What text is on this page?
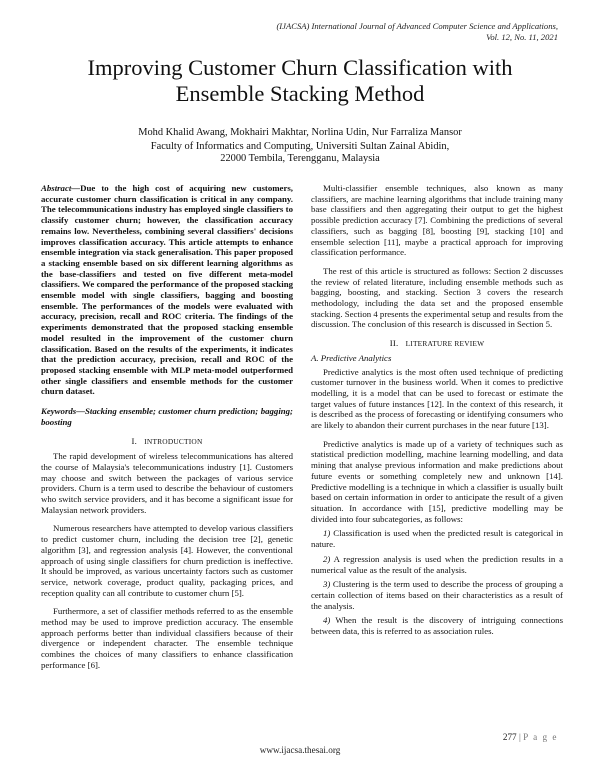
(IJACSA) International Journal of Advanced Computer Science and Applications,
Vol. 12, No. 11, 2021
Improving Customer Churn Classification with
Ensemble Stacking Method
Mohd Khalid Awang, Mokhairi Makhtar, Norlina Udin, Nur Farraliza Mansor
Faculty of Informatics and Computing, Universiti Sultan Zainal Abidin,
22000 Tembila, Terengganu, Malaysia

Abstract—Due to the high cost of acquiring new customers, accurate customer churn classification is critical in any company. The telecommunications industry has employed single classifiers to classify customer churn; however, the classification accuracy remains low. Nevertheless, combining several classifiers' decisions improves classification accuracy. This article attempts to enhance ensemble integration via stack generalisation. This paper proposed a stacking ensemble based on six different learning algorithms as the base-classifiers and tested on five different meta-model classifiers. We compared the performance of the proposed stacking ensemble model with single classifiers, bagging and boosting ensemble. The performances of the models were evaluated with accuracy, precision, recall and ROC criteria. The findings of the experiments demonstrated that the proposed stacking ensemble model resulted in the improvement of the customer churn classification. Based on the results of the experiments, it indicates that the prediction accuracy, precision, recall and ROC of the proposed stacking ensemble with MLP meta-model outperformed other single classifiers and ensemble methods for the customer churn dataset.

Keywords—Stacking ensemble; customer churn prediction; bagging; boosting

I. INTRODUCTION

The rapid development of wireless telecommunications has altered the course of Malaysia's telecommunications industry [1]. Customers may choose and switch between the packages of various service providers. Churn is a term used to describe the behaviour of customers who switch service providers, and it has become a significant issue for Malaysian network providers.

Numerous researchers have attempted to develop various classifiers to predict customer churn, including the decision tree [2], genetic algorithm [3], and regression analysis [4]. However, the conventional approach of using single classifiers for churn prediction is ineffective. It should be improved, as various uncertainty factors such as customer service, network coverage, product quality, packaging prices, and reception quality can all contribute to customer churn [5].

Furthermore, a set of classifier methods referred to as the ensemble method may be used to improve prediction accuracy. The ensemble approach performs better than individual classifiers because of their divergence or independent character. The ensemble technique combines the choices of many classifiers to enhance classification performance [6].

Multi-classifier ensemble techniques, also known as many classifiers, are machine learning algorithms that include training many base classifiers and then aggregating their output to get the highest possible prediction accuracy [7]. Combining the predictions of several classifiers, such as bagging [8], boosting [9], stacking [10] and ensemble selection [11], maybe a practical approach for improving classification performance.

The rest of this article is structured as follows: Section 2 discusses the review of related literature, including ensemble methods such as bagging, boosting, and stacking. Section 3 covers the research methodology, including the data set and the proposed ensemble stacking. Section 4 presents the experimental setup and results from the discussion. The conclusion of this research is discussed in Section 5.

II. LITERATURE REVIEW
A. Predictive Analytics

Predictive analytics is the most often used technique of predicting customer turnover in the business world. When it comes to predictive modelling, it is a model that can be used to forecast or estimate the target values of future instances [12]. In the context of this research, it is described as the process of forecasting or identifying consumers who are likely to abandon their current purchases in the near future [13].

Predictive analytics is made up of a variety of techniques such as statistical prediction modelling, machine learning modelling, and data mining that analyse previous information and make predictions about future events or something completely new and unknown [14]. Predictive modelling is a technique in which a classifier is usually built based on certain information in order to anticipate the result of a given situation. In accordance with [15], predictive modelling may be divided into four subcategories, as follows:

1) Classification is used when the predicted result is categorical in nature.

2) A regression analysis is used when the prediction results in a numerical value as the result of the analysis.

3) Clustering is the term used to describe the process of grouping a certain collection of items based on their characteristics as a result of the analysis.

4) When the result is the discovery of intriguing connections between data, this is referred to as association rules.

277 | P a g e
www.ijacsa.thesai.org
